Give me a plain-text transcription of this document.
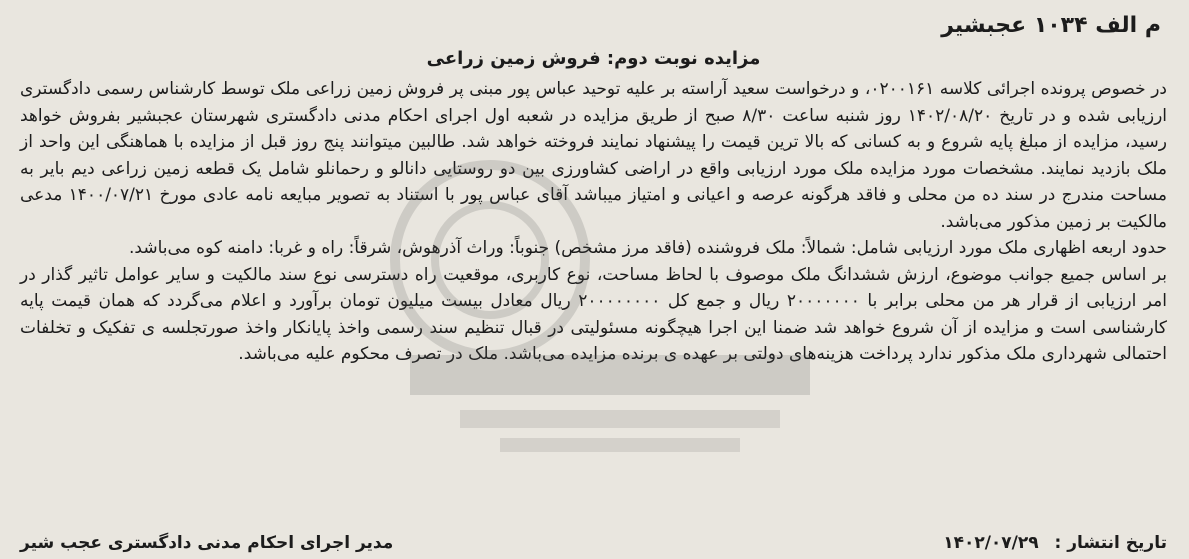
م الف ۱۰۳۴ عجبشیر
مزایده نوبت دوم: فروش زمین زراعی

در خصوص پرونده اجرائی کلاسه ۰۲۰۰۱۶۱، و درخواست سعید آراسته بر علیه توحید عباس پور مبنی پر فروش زمین زراعی ملک توسط کارشناس رسمی دادگستری ارزیابی شده و در تاریخ ۱۴۰۲/۰۸/۲۰ روز شنبه ساعت ۸/۳۰ صبح از طریق مزایده در شعبه اول اجرای احکام مدنی دادگستری شهرستان عجبشیر بفروش خواهد رسید، مزایده از مبلغ پایه شروع و به کسانی که بالا ترین قیمت را پیشنهاد نمایند فروخته خواهد شد. طالبین میتوانند پنج روز قبل از مزایده با هماهنگی این واحد از ملک بازدید نمایند. مشخصات مورد مزایده ملک مورد ارزیابی واقع در اراضی کشاورزی بین دو روستایی دانالو و رحمانلو شامل یک قطعه زمین زراعی دیم بایر به مساحت مندرج در سند ده من محلی و فاقد هرگونه عرصه و اعیانی و امتیاز میباشد آقای عباس پور با استناد به تصویر مبایعه نامه عادی مورخ ۱۴۰۰/۰۷/۲۱ مدعی مالکیت بر زمین مذکور می‌باشد.

حدود اربعه اظهاری ملک مورد ارزیابی شامل: شمالاً: ملک فروشنده (فاقد مرز مشخص) جنوباً: وراث آذرهوش، شرقاً: راه و غربا: دامنه کوه می‌باشد.

بر اساس جمیع جوانب موضوع، ارزش ششدانگ ملک موصوف با لحاظ مساحت، نوع کاربری، موقعیت راه دسترسی نوع سند مالکیت و سایر عوامل تاثیر گذار در امر ارزیابی از قرار هر من محلی برابر با ۲۰۰۰۰۰۰۰ ریال و جمع کل ۲۰۰۰۰۰۰۰۰ ریال معادل بیست میلیون تومان برآورد و اعلام می‌گردد که همان قیمت پایه کارشناسی است و مزایده از آن شروع خواهد شد ضمنا این اجرا هیچگونه مسئولیتی در قبال تنظیم سند رسمی واخذ پایانکار واخذ صورتجلسه ی تفکیک و تخلفات احتمالی شهرداری ملک مذکور ندارد پرداخت هزینه‌های دولتی بر عهده ی برنده مزایده می‌باشد. ملک در تصرف محکوم علیه می‌باشد.

تاریخ انتشار : ۱۴۰۲/۰۷/۲۹
مدیر اجرای احکام مدنی دادگستری عجب شیر
